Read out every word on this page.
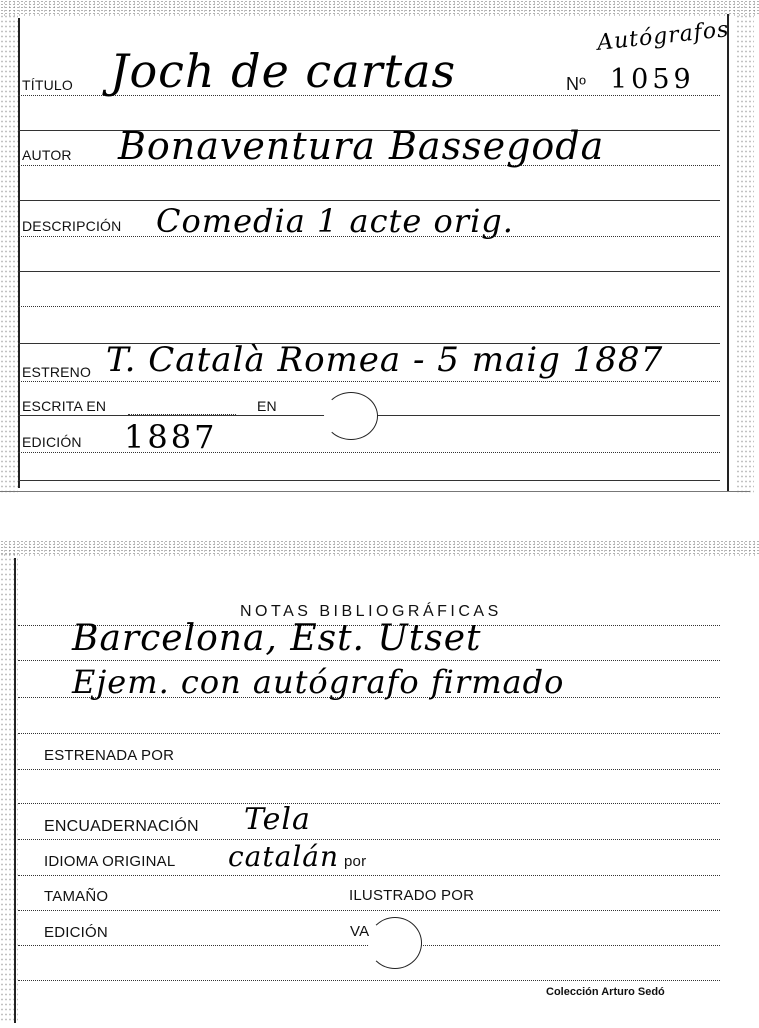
Autógrafos
Nº 1059
TÍTULO Joch de cartas
AUTOR Bonaventura Bassegoda
DESCRIPCIÓN Comedia 1 acte orig.
ESTRENO T. Català Romea - 5 maig 1887
ESCRITA EN	EN
EDICIÓN 1887
NOTAS BIBLIOGRÁFICAS
Barcelona, Est. Utset
Ejem. con autógrafo firmado
ESTRENADA POR
ENCUADERNACIÓN Tela
IDIOMA ORIGINAL catalán por
TAMAÑO	ILUSTRADO POR
EDICIÓN	VA
Colección Arturo Sedó
